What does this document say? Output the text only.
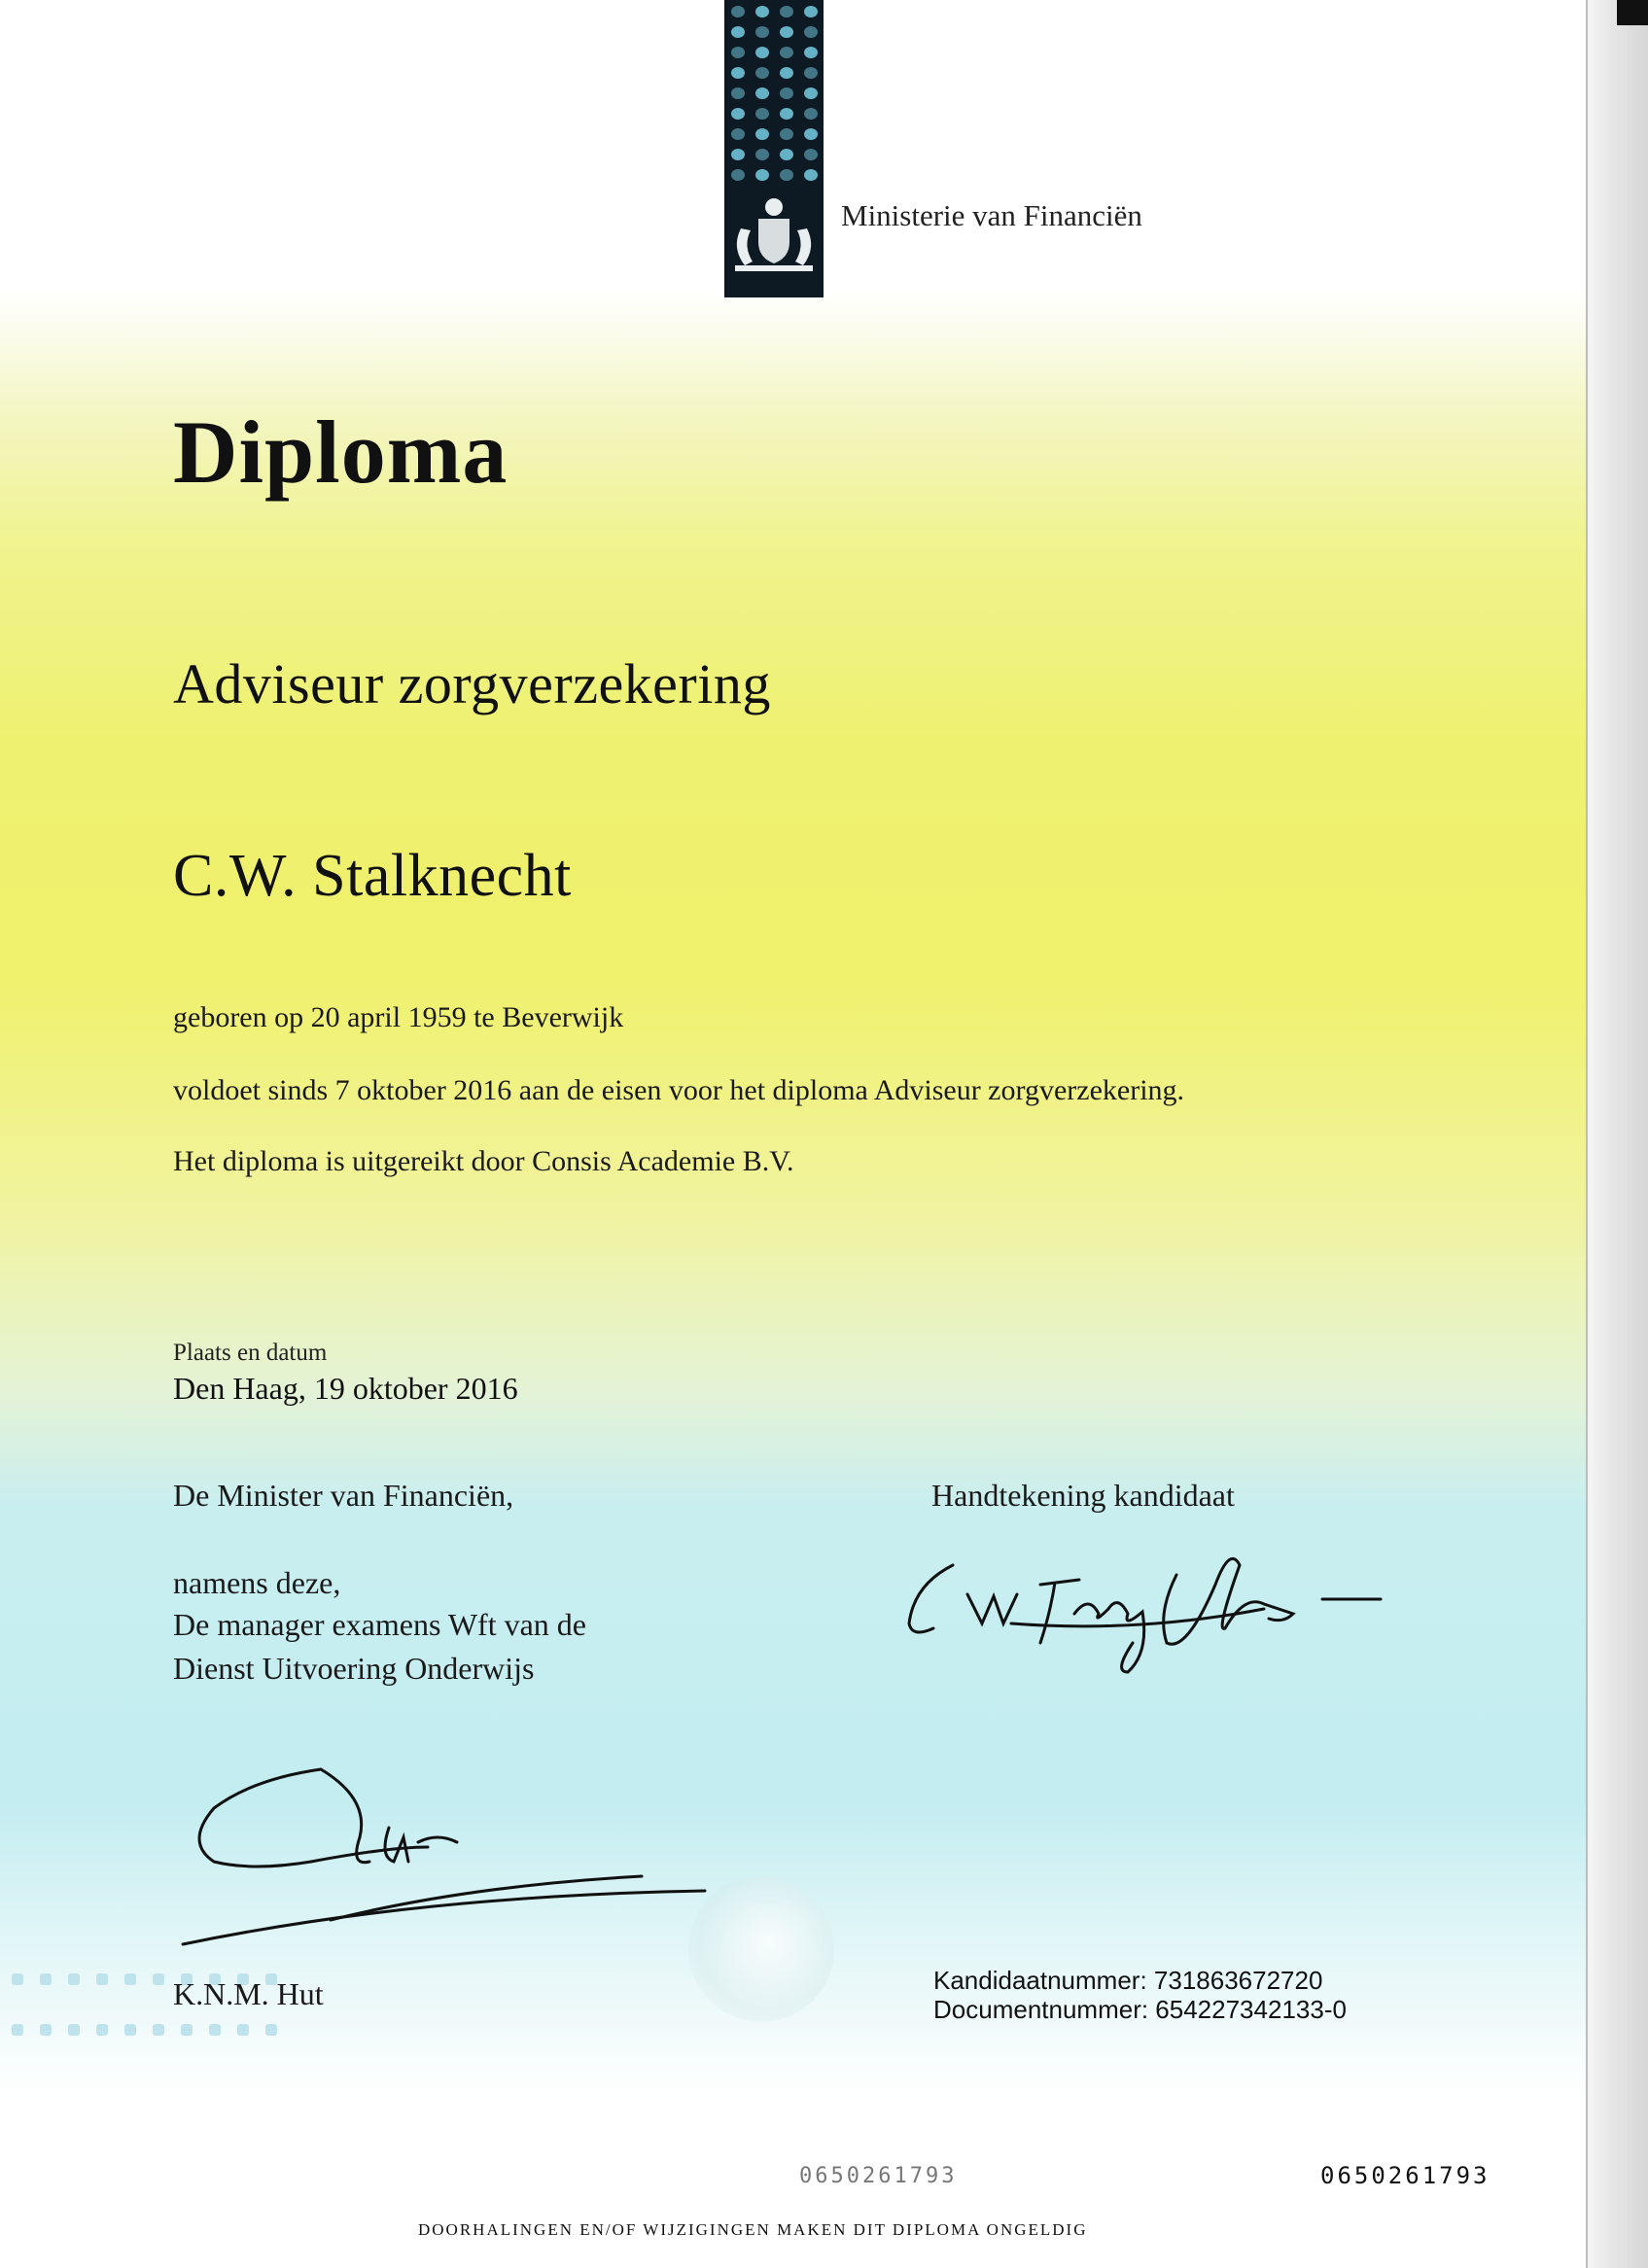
Ministerie van Financiën
Diploma
Adviseur zorgverzekering
C.W. Stalknecht
geboren op 20 april 1959 te Beverwijk
voldoet sinds 7 oktober 2016 aan de eisen voor het diploma Adviseur zorgverzekering.
Het diploma is uitgereikt door Consis Academie B.V.
Plaats en datum
Den Haag, 19 oktober 2016
De Minister van Financiën,
namens deze,
De manager examens Wft van de
Dienst Uitvoering Onderwijs
Handtekening kandidaat
K.N.M. Hut	Kandidaatnummer: 731863672720
Documentnummer: 654227342133-0
0650261793	0650261793
DOORHALINGEN EN/OF WIJZIGINGEN MAKEN DIT DIPLOMA ONGELDIG
